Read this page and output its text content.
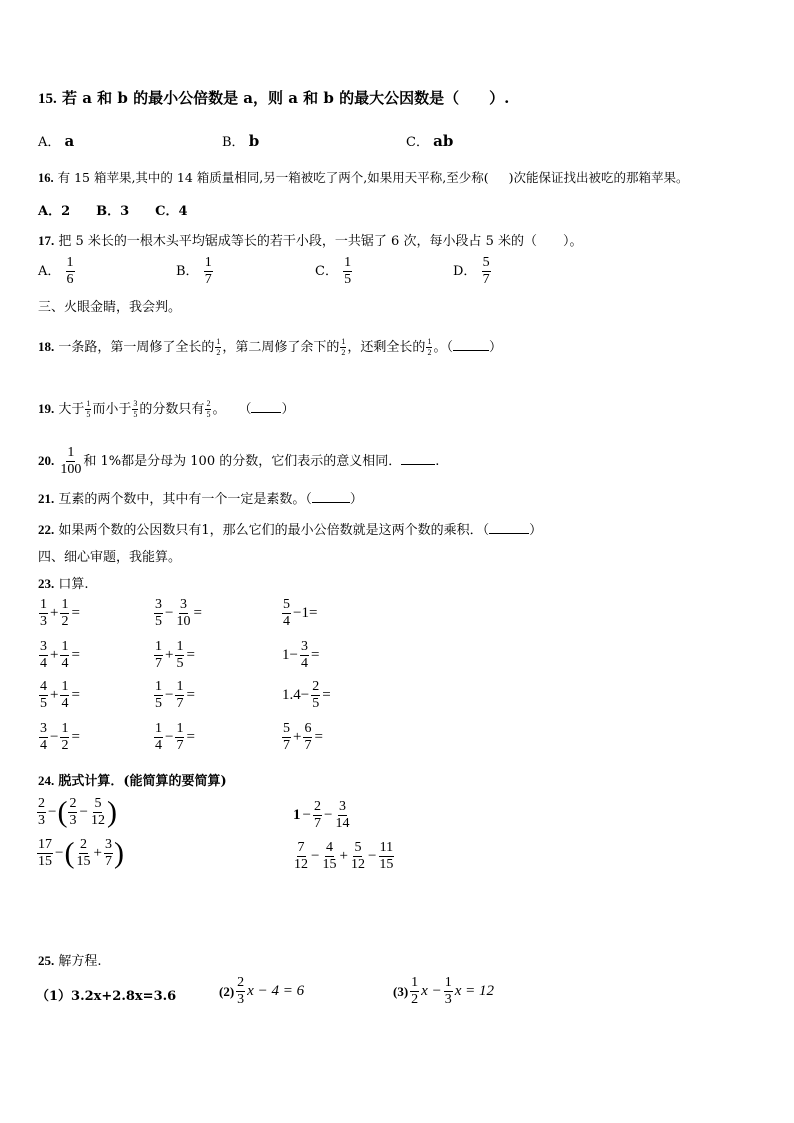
15. 若 a 和 b 的最小公倍数是 a，则 a 和 b 的最大公因数是（　　）.
A． a	B． b	C． ab
16. 有 15 箱苹果,其中的 14 箱质量相同,另一箱被吃了两个,如果用天平称,至少称( )次能保证找出被吃的那箱苹果。
A．2　　B．3　　C．4
17. 把 5 米长的一根木头平均锯成等长的若干小段，一共锯了 6 次，每小段占 5 米的（　　）。
A． $\frac{1}{6}$	B． $\frac{1}{7}$	C． $\frac{1}{5}$	D． $\frac{5}{7}$
三、火眼金睛，我会判。
18. 一条路，第一周修了全长的 $\frac{1}{2}$ ，第二周修了余下的 $\frac{1}{2}$ ，还剩全长的 $\frac{1}{2}$ 。（	）
19. 大于 $\frac{1}{5}$ 而小于 $\frac{3}{5}$ 的分数只有 $\frac{2}{5}$ 。　　（ ）
20. $\frac{1}{100}$ 和 1%都是分母为 100 的分数，它们表示的意义相同．	.
21. 互素的两个数中，其中有一个一定是素数。（	）
22. 如果两个数的公因数只有1，那么它们的最小公倍数就是这两个数的乘积．（	）
四、细心审题，我能算。
23. 口算.
$\frac{1}{3} + \frac{1}{2}$ =	$\frac{3}{5} - \frac{3}{10}$ =	$\frac{5}{4} -1=$
$\frac{3}{4} + \frac{1}{4}$ =	$\frac{1}{7} + \frac{1}{5}$ =	$1- \frac{3}{4}$ =
$\frac{4}{5} + \frac{1}{4}$ =	$\frac{1}{5} - \frac{1}{7}$ =	$1.4- \frac{2}{5}$ =
$\frac{3}{4} - \frac{1}{2}$ =	$\frac{1}{4} - \frac{1}{7}$ =	$\frac{5}{7} + \frac{6}{7}$ =
24. 脱式计算．(能简算的要简算)
$\frac{2}{3}$ −( $\frac{2}{3} - \frac{5}{12}$ )	$1 - \frac{2}{7} - \frac{3}{14}$
$\frac{17}{15}$ −( $\frac{2}{15} + \frac{3}{7}$ )	$\frac{7}{12} - \frac{4}{15} + \frac{5}{12} - \frac{11}{15}$
25. 解方程.
（1）3.2x+2.8x=3.6	$(2) \frac{2}{3}$ x − 4 = 6	$(3) \frac{1}{2}$ $x - \frac{1}{3}$ x = 12
